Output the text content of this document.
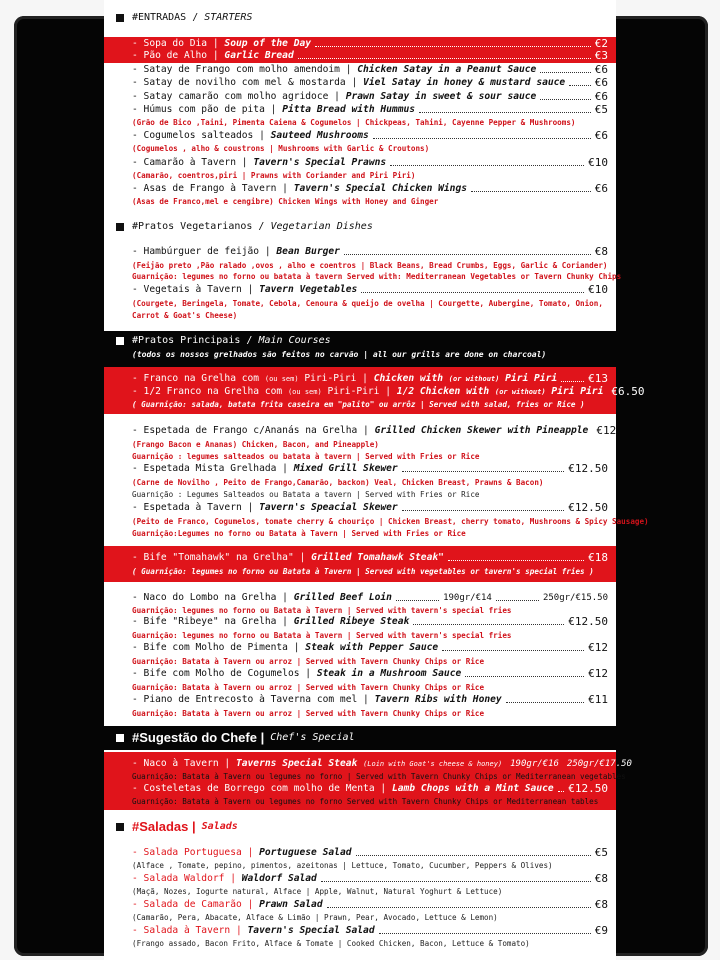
#ENTRADAS / STARTERS
- Sopa do Dia |
Soup of the Day	€2
- Pão de Alho |
Garlic Bread	€3
- Satay de Frango com molho amendoim |
Chicken Satay in a Peanut Sauce	€6
- Satay de novilho com mel & mostarda |
Viel Satay in honey & mustard sauce	€6
- Satay camarão com molho agridoce |
Prawn Satay in sweet & sour sauce	€6
- Húmus com pão de pita |
Pitta Bread with Hummus	€5
(Grão de Bico ,Taini, Pimenta Caiena & Cogumelos | Chickpeas, Tahini, Cayenne Pepper & Mushrooms)
- Cogumelos salteados |
Sauteed Mushrooms	€6
(Cogumelos , alho & coustrons | Mushrooms with Garlic & Croutons)
- Camarão à Tavern |
Tavern's Special Prawns	€10
(Camarão, coentros,piri | Prawns with Coriander and Piri Piri)
- Asas de Frango à Tavern |
Tavern's Special Chicken Wings	€6
(Asas de Franco,mel e cengibre) Chicken Wings with Honey and Ginger
#Pratos Vegetarianos /
Vegetarian Dishes
- Hambúrguer de feijão |
Bean Burger	€8
(Feijão preto ,Pão ralado ,ovos , alho e coentros | Black Beans, Bread Crumbs, Eggs, Garlic & Coriander)
Guarnição: legumes no forno ou batata à tavern Served with: Mediterranean Vegetables or Tavern Chunky Chips
- Vegetais à Tavern |
Tavern Vegetables	€10
(Courgete, Beringela, Tomate, Cebola, Cenoura & queijo de ovelha | Courgette, Aubergine, Tomato, Onion,
Carrot & Goat's Cheese)
#Pratos Principais /
Main Courses
(todos os nossos grelhados são feitos no carvão | all our grills are done on charcoal)
- Franco na Grelha com (ou sem) Piri-Piri |
Chicken with (or without) Piri Piri	€13
- 1/2 Franco na Grelha com (ou sem) Piri-Piri |
1/2 Chicken with (or without) Piri Piri €6.50
( Guarnição: salada, batata frita caseira em "palito" ou arrôz | Served with salad, fries or Rice )
- Espetada de Frango c/Ananás na Grelha |
Grilled Chicken Skewer with Pineapple €12
(Frango Bacon e Ananas) Chicken, Bacon, and Pineapple)
Guarnição : legumes salteados ou batata à tavern | Served with Fries or Rice
- Espetada Mista Grelhada |
Mixed Grill Skewer	€12.50
(Carne de Novilho , Peito de Frango,Camarão, backon) Veal, Chicken Breast, Prawns & Bacon)
Guarnição : Legumes Salteados ou Batata a tavern | Served with Fries or Rice
- Espetada à Tavern |
Tavern's Speacial Skewer	€12.50
(Peito de Franco, Cogumelos, tomate cherry & chouriço | Chicken Breast, cherry tomato, Mushrooms & Spicy Sausage)
Guarnição:Legumes no forno ou Batata à Tavern | Served with Fries or Rice
- Bife "Tomahawk" na Grelha" |
Grilled Tomahawk Steak"	€18
( Guarnição: legumes no forno ou Batata à Tavern | Served with vegetables or tavern's special fries )
- Naco do Lombo na Grelha |
Grilled Beef Loin	190gr/€14	250gr/€15.50
Guarnição: legumes no forno ou Batata à Tavern | Served with tavern's special fries
- Bife "Ribeye" na Grelha |
Grilled Ribeye Steak	€12.50
Guarnição: legumes no forno ou Batata à Tavern | Served with tavern's special fries
- Bife com Molho de Pimenta |
Steak with Pepper Sauce	€12
Guarnição: Batata à Tavern ou arroz | Served with Tavern Chunky Chips or Rice
- Bife com Molho de Cogumelos |
Steak in a Mushroom Sauce	€12
Guarnição: Batata à Tavern ou arroz | Served with Tavern Chunky Chips or Rice
- Piano de Entrecosto à Taverna com mel |
Tavern Ribs with Honey	€11
Guarnição: Batata à Tavern ou arroz | Served with Tavern Chunky Chips or Rice
#Sugestão do Chefe |
Chef's Special
- Naco à Tavern |
Taverns Special Steak
(Loin with Goat's cheese & honey) 190gr/€16 250gr/€17.50
Guarnição: Batata à Tavern ou legumes no forno | Served with Tavern Chunky Chips or Mediterranean vegetables
- Costeletas de Borrego com molho de Menta |
Lamb Chops with a Mint Sauce €12.50
Guarnição: Batata à Tavern ou legumes no forno Served with Tavern Chunky Chips or Mediterranean tables
#Saladas |
Salads
- Salada Portuguesa |
Portuguese Salad	€5
(Alface , Tomate, pepino, pimentos, azeitonas | Lettuce, Tomato, Cucumber, Peppers & Olives)
- Salada Waldorf |
Waldorf Salad	€8
(Maçã, Nozes, Iogurte natural, Alface | Apple, Walnut, Natural Yoghurt & Lettuce)
- Salada de Camarão |
Prawn Salad	€8
(Camarão, Pera, Abacate, Alface & Limão | Prawn, Pear, Avocado, Lettuce & Lemon)
- Salada à Tavern |
Tavern's Special Salad	€9
(Frango assado, Bacon Frito, Alface & Tomate | Cooked Chicken, Bacon, Lettuce & Tomato)
